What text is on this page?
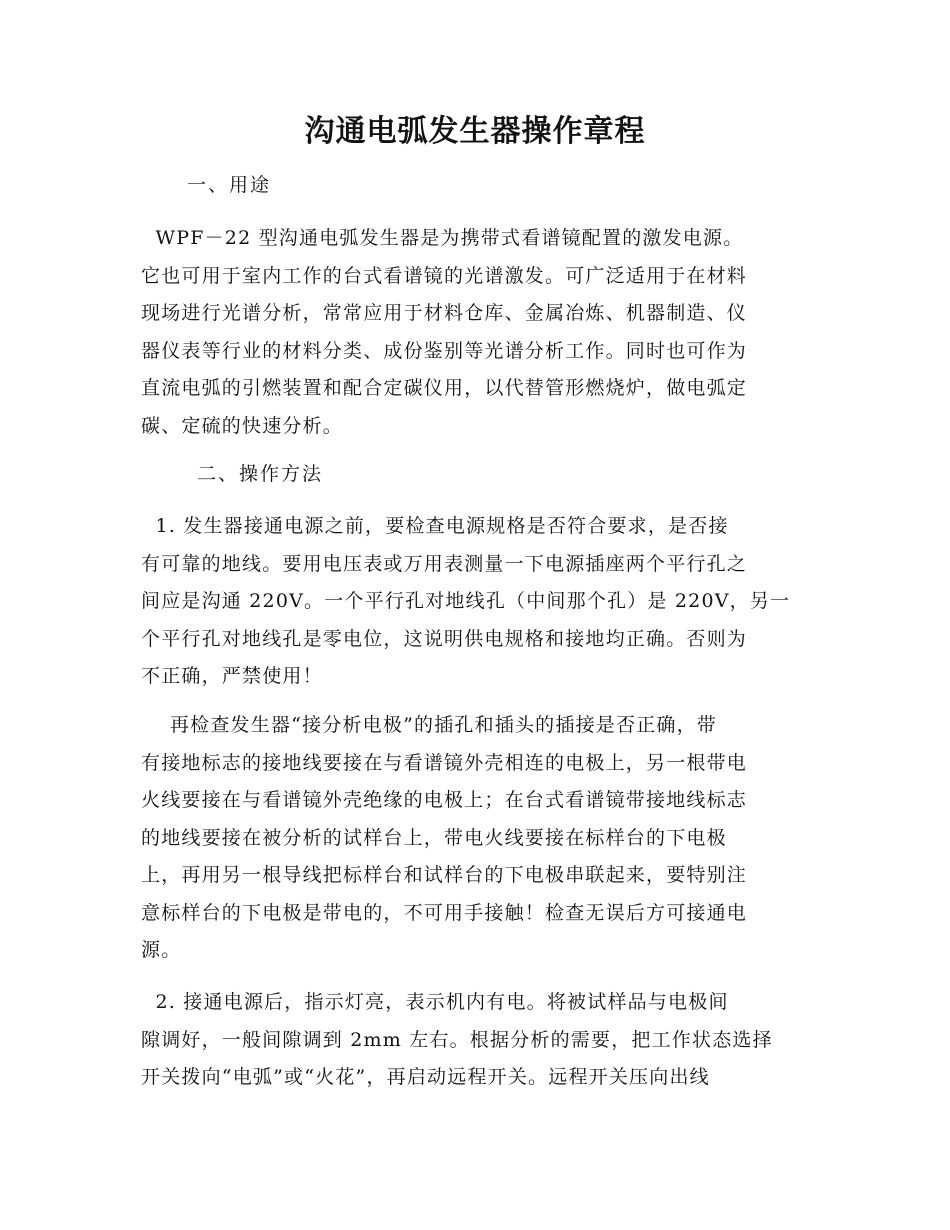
沟通电弧发生器操作章程
一、用途
WPF－22 型沟通电弧发生器是为携带式看谱镜配置的激发电源。
它也可用于室内工作的台式看谱镜的光谱激发。可广泛适用于在材料
现场进行光谱分析，常常应用于材料仓库、金属冶炼、机器制造、仪
器仪表等行业的材料分类、成份鉴别等光谱分析工作。同时也可作为
直流电弧的引燃装置和配合定碳仪用，以代替管形燃烧炉，做电弧定
碳、定硫的快速分析。
二、操作方法
1. 发生器接通电源之前，要检查电源规格是否符合要求，是否接
有可靠的地线。要用电压表或万用表测量一下电源插座两个平行孔之
间应是沟通 220V。一个平行孔对地线孔（中间那个孔）是 220V，另一
个平行孔对地线孔是零电位，这说明供电规格和接地均正确。否则为
不正确，严禁使用！
再检查发生器“接分析电极”的插孔和插头的插接是否正确，带
有接地标志的接地线要接在与看谱镜外壳相连的电极上，另一根带电
火线要接在与看谱镜外壳绝缘的电极上；在台式看谱镜带接地线标志
的地线要接在被分析的试样台上，带电火线要接在标样台的下电极
上，再用另一根导线把标样台和试样台的下电极串联起来，要特别注
意标样台的下电极是带电的，不可用手接触！检查无误后方可接通电
源。
2. 接通电源后，指示灯亮，表示机内有电。将被试样品与电极间
隙调好，一般间隙调到 2mm 左右。根据分析的需要，把工作状态选择
开关拨向“电弧”或“火花”，再启动远程开关。远程开关压向出线
